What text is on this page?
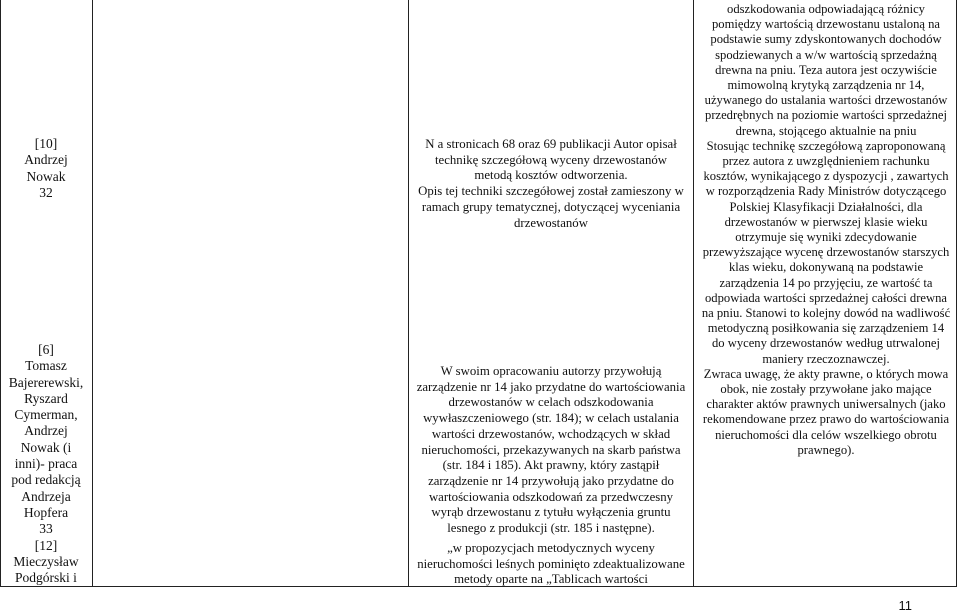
[10]
Andrzej
Nowak
32
[6]
Tomasz
Bajererewski,
Ryszard
Cymerman,
Andrzej
Nowak (i
inni)- praca
pod redakcją
Andrzeja
Hopfera
33
[12]
Mieczysław
Podgórski i
N a stronicach 68 oraz 69 publikacji Autor opisał
technikę szczegółową wyceny drzewostanów
metodą kosztów odtworzenia.
Opis tej techniki szczegółowej został zamieszony w
ramach grupy tematycznej, dotyczącej wyceniania
drzewostanów
W swoim opracowaniu autorzy przywołują
zarządzenie nr 14 jako przydatne do wartościowania
drzewostanów w celach odszkodowania
wywłaszczeniowego (str. 184); w celach ustalania
wartości drzewostanów, wchodzących w skład
nieruchomości, przekazywanych na skarb państwa
(str. 184 i 185). Akt prawny, który zastąpił
zarządzenie nr 14 przywołują jako przydatne do
wartościowania odszkodowań za przedwczesny
wyrąb drzewostanu z tytułu wyłączenia gruntu
lesnego z produkcji (str. 185 i następne).
„w propozycjach metodycznych wyceny
nieruchomości leśnych pominięto zdeaktualizowane
metody oparte na „Tablicach wartości
odszkodowania odpowiadającą różnicy
pomiędzy wartością drzewostanu ustaloną na
podstawie sumy zdyskontowanych dochodów
spodziewanych a w/w wartością sprzedażną
drewna na pniu. Teza autora jest oczywiście
mimowolną krytyką zarządzenia nr 14,
używanego do ustalania wartości drzewostanów
przedrębnych na poziomie wartości sprzedażnej
drewna, stojącego aktualnie na pniu
Stosując technikę szczegółową zaproponowaną
przez autora z uwzględnieniem rachunku
kosztów, wynikającego z dyspozycji , zawartych
w rozporządzenia Rady Ministrów dotyczącego
Polskiej Klasyfikacji Działalności, dla
drzewostanów w pierwszej klasie wieku
otrzymuje się wyniki zdecydowanie
przewyższające wycenę drzewostanów starszych
klas wieku, dokonywaną na podstawie
zarządzenia 14 po przyjęciu, ze wartość ta
odpowiada wartości sprzedażnej całości drewna
na pniu. Stanowi to kolejny dowód na wadliwość
metodyczną posiłkowania się zarządzeniem 14
do wyceny drzewostanów według utrwalonej
maniery rzeczoznawczej.
Zwraca uwagę, że akty prawne, o których mowa
obok, nie zostały przywołane jako mające
charakter aktów prawnych uniwersalnych (jako
rekomendowane przez prawo do wartościowania
nieruchomości dla celów wszelkiego obrotu
prawnego).
11
